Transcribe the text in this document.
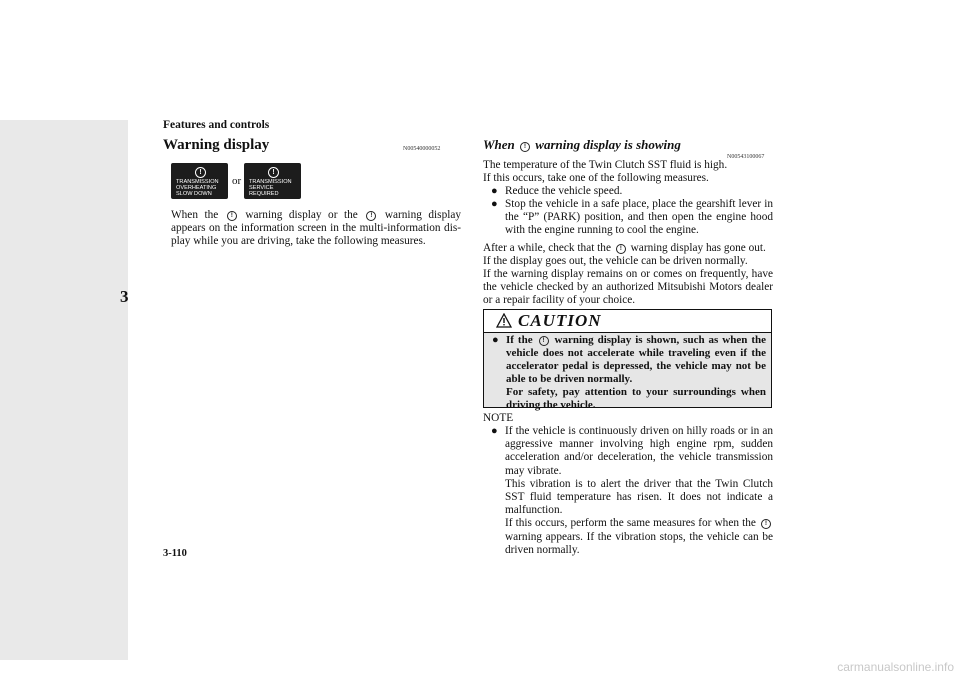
3
Features and controls
Warning display	N00540000052
!
TRANSMISSION
OVERHEATING
SLOW DOWN
or
!
TRANSMISSION
SERVICE REQUIRED
When the ! warning display or the ! warning display appears on the information screen in the multi-information dis-play while you are driving, take the following measures.
When ! warning display is showing
N00543100067
The temperature of the Twin Clutch SST fluid is high.
If this occurs, take one of the following measures.
● Reduce the vehicle speed.
● Stop the vehicle in a safe place, place the gearshift lever in the “P” (PARK) position, and then open the engine hood with the engine running to cool the engine.
After a while, check that the ! warning display has gone out.
If the display goes out, the vehicle can be driven normally.
If the warning display remains on or comes on frequently, have the vehicle checked by an authorized Mitsubishi Motors dealer or a repair facility of your choice.
CAUTION
● If the ! warning display is shown, such as when the vehicle does not accelerate while traveling even if the accelerator pedal is depressed, the vehicle may not be able to be driven normally.
For safety, pay attention to your surroundings when driving the vehicle.
NOTE
● If the vehicle is continuously driven on hilly roads or in an aggressive manner involving high engine rpm, sudden acceleration and/or deceleration, the vehicle transmission may vibrate.
This vibration is to alert the driver that the Twin Clutch SST fluid temperature has risen. It does not indicate a malfunction.
If this occurs, perform the same measures for when the ! warning appears. If the vibration stops, the vehicle can be driven normally.
3-110
carmanualsonline.info
